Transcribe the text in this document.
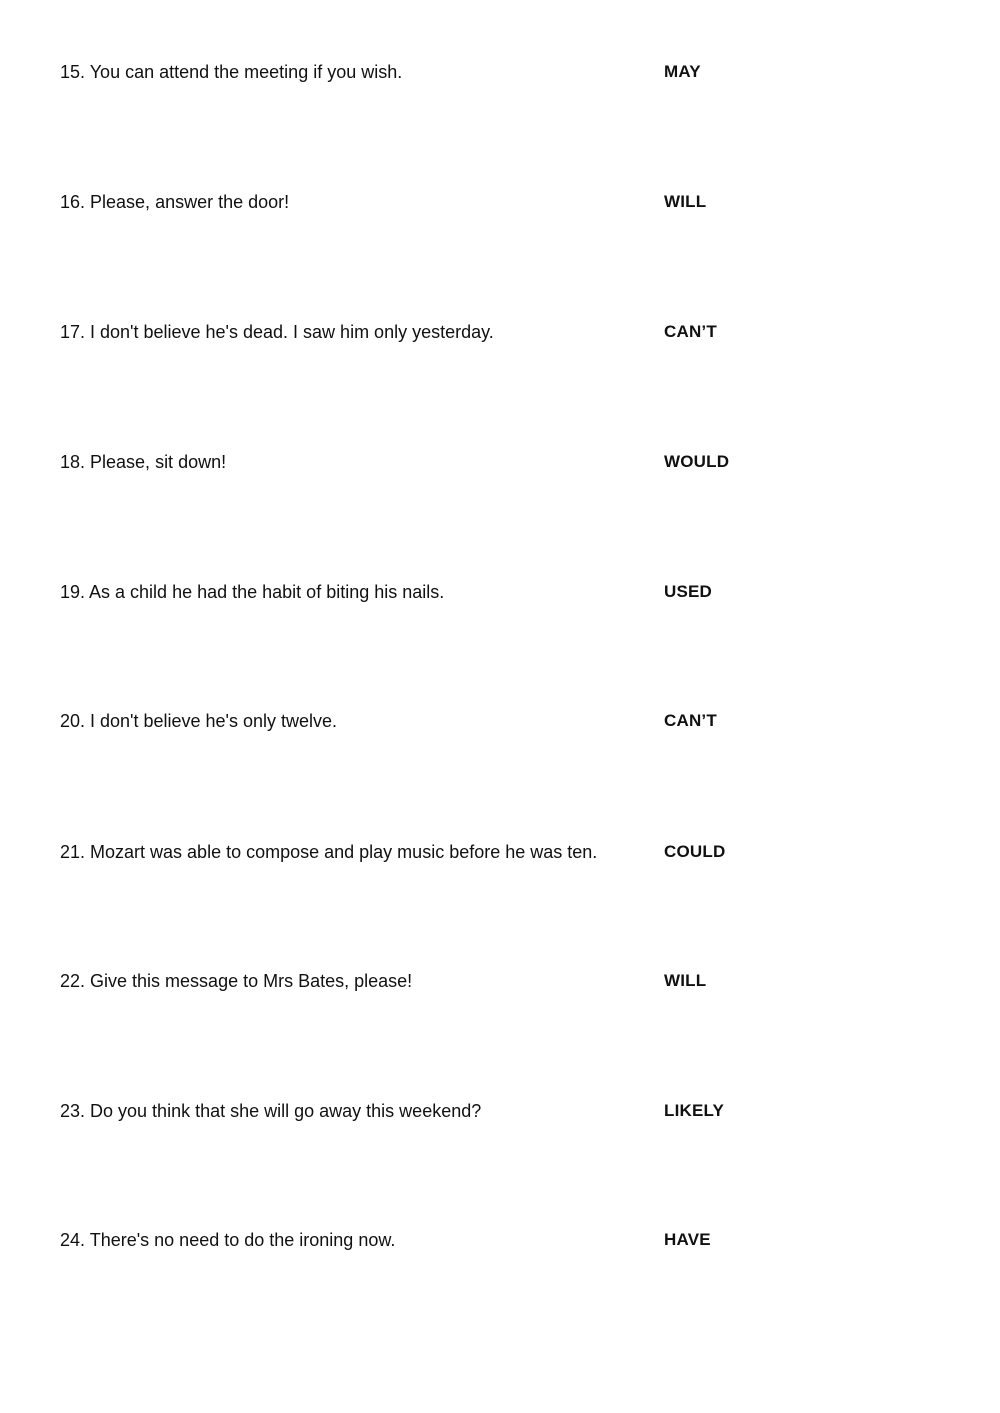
15. You can attend the meeting if you wish.	MAY
16. Please, answer the door!	WILL
17. I don't believe he's dead. I saw him only yesterday.	CAN’T
18. Please, sit down!	WOULD
19. As a child he had the habit of biting his nails.	USED
20. I don't believe he's only twelve.	CAN’T
21. Mozart was able to compose and play music before he was ten.	COULD
22. Give this message to Mrs Bates, please!	WILL
23. Do you think that she will go away this weekend?	LIKELY
24. There's no need to do the ironing now.	HAVE
